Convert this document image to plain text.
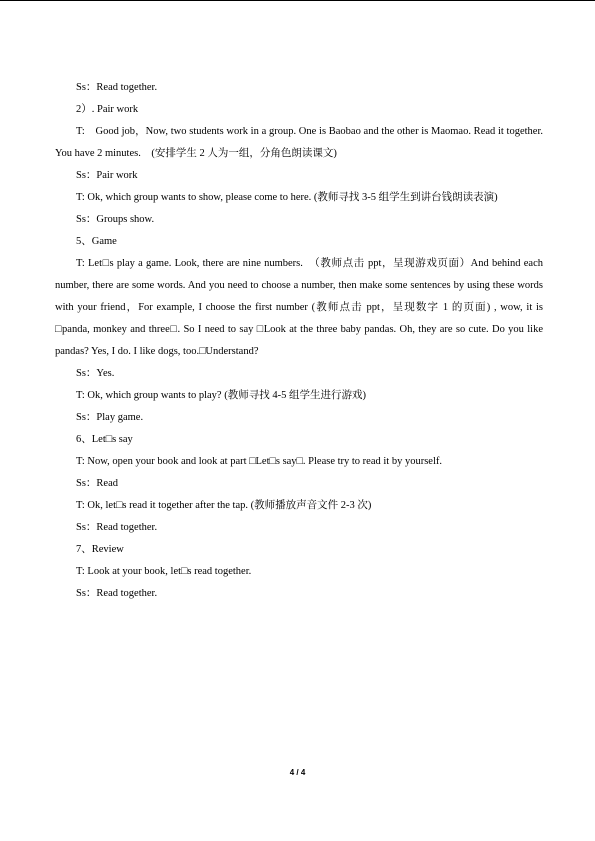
Ss：Read together.

2）. Pair work

T:　Good job，Now, two students work in a group. One is Baobao and the other is Maomao. Read it together. You have 2 minutes.　(安排学生 2 人为一组，分角色朗读课文)

Ss：Pair work

T: Ok, which group wants to show, please come to here. (教师寻找 3-5 组学生到讲台钱朗读表演)

Ss：Groups show.

5、Game

T: Let□s play a game. Look, there are nine numbers.　（教师点击 ppt，呈现游戏页面）And behind each number, there are some words. And you need to choose a number, then make some sentences by using these words with your friend，For example, I choose the first number (教师点击 ppt，呈现数字 1 的页面) , wow, it is □panda, monkey and three□. So I need to say □Look at the three baby pandas. Oh, they are so cute. Do you like pandas? Yes, I do. I like dogs, too.□Understand?

Ss：Yes.

T: Ok, which group wants to play? (教师寻找 4-5 组学生进行游戏)

Ss：Play game.

6、Let□s say

T: Now, open your book and look at part □Let□s say□. Please try to read it by yourself.

Ss：Read

T: Ok, let□s read it together after the tap. (教师播放声音文件 2-3 次)

Ss：Read together.

7、Review

T: Look at your book, let□s read together.

Ss：Read together.

4 / 4
